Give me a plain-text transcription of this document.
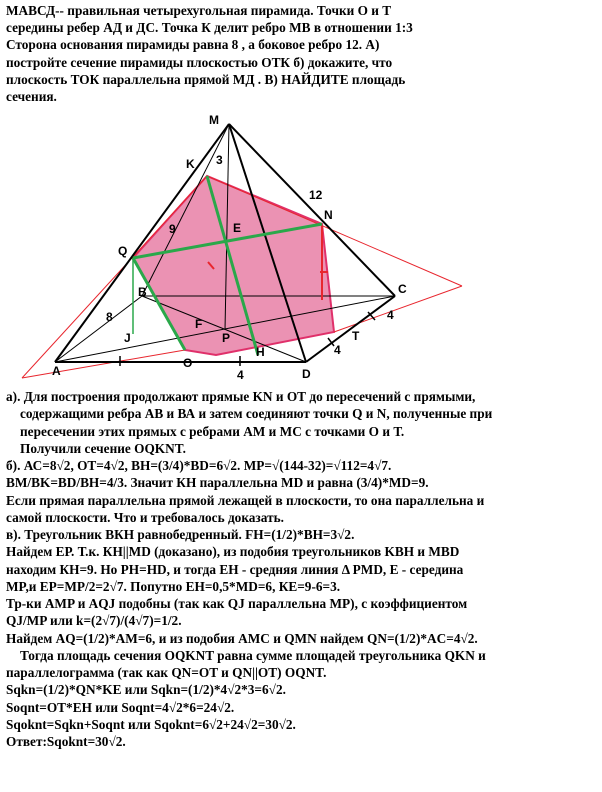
МАВСД-- правильная четырехугольная пирамида. Точки О и Т
середины ребер АД и ДС. Точка К делит ребро МВ в отношении 1:3
Сторона основания пирамиды равна 8 , а боковое ребро 12. А)
постройте сечение пирамиды плоскостью ОТК б) докажите, что
плоскость ТОК параллельна прямой МД . В) НАЙДИТЕ площадь
сечения.
M
K
N
Q
E
B	C
F
P
H
J
A
O
D
T
3
12
9
8	4
4
4
а). Для построения продолжают прямые KN и ОТ до пересечений с прямыми,
содержащими ребра АВ и ВА и затем соединяют точки Q и N, полученные при
пересечении этих прямых с ребрами АМ и МС с точками О и Т.
Получили сечение OQKNT.
б). АС=8√2, ОТ=4√2, ВН=(3/4)*ВD=6√2. MP=√(144-32)=√112=4√7.
BM/BK=BD/BH=4/3. Значит КН параллельна MD и равна (3/4)*MD=9.
Если прямая параллельна прямой лежащей в плоскости, то она параллельна и
самой плоскости. Что и требовалось доказать.
в). Треугольник ВКН равнобедренный. FH=(1/2)*ВН=3√2.
Найдем ЕР. Т.к. КН||MD (доказано), из подобия треугольников KBH и MBD
находим КН=9. Но PH=HD, и тогда ЕН - средняя линия Δ PMD, Е - середина
MP,и EP=MP/2=2√7. Попутно ЕН=0,5*MD=6, КЕ=9-6=3.
Тр-ки AMP и AQJ подобны (так как QJ параллельна MP), с коэффициентом
QJ/MP или k=(2√7)/(4√7)=1/2.
Найдем AQ=(1/2)*AM=6, и из подобия AMC и QMN найдем QN=(1/2)*AC=4√2.
Тогда площадь сечения OQKNT равна сумме площадей треугольника QKN и
параллелограмма (так как QN=OT и QN||OT) OQNT.
Sqkn=(1/2)*QN*KE или Sqkn=(1/2)*4√2*3=6√2.
Soqnt=OT*EH или Soqnt=4√2*6=24√2.
Sqoknt=Sqkn+Soqnt или Sqoknt=6√2+24√2=30√2.
Ответ:Sqoknt=30√2.
